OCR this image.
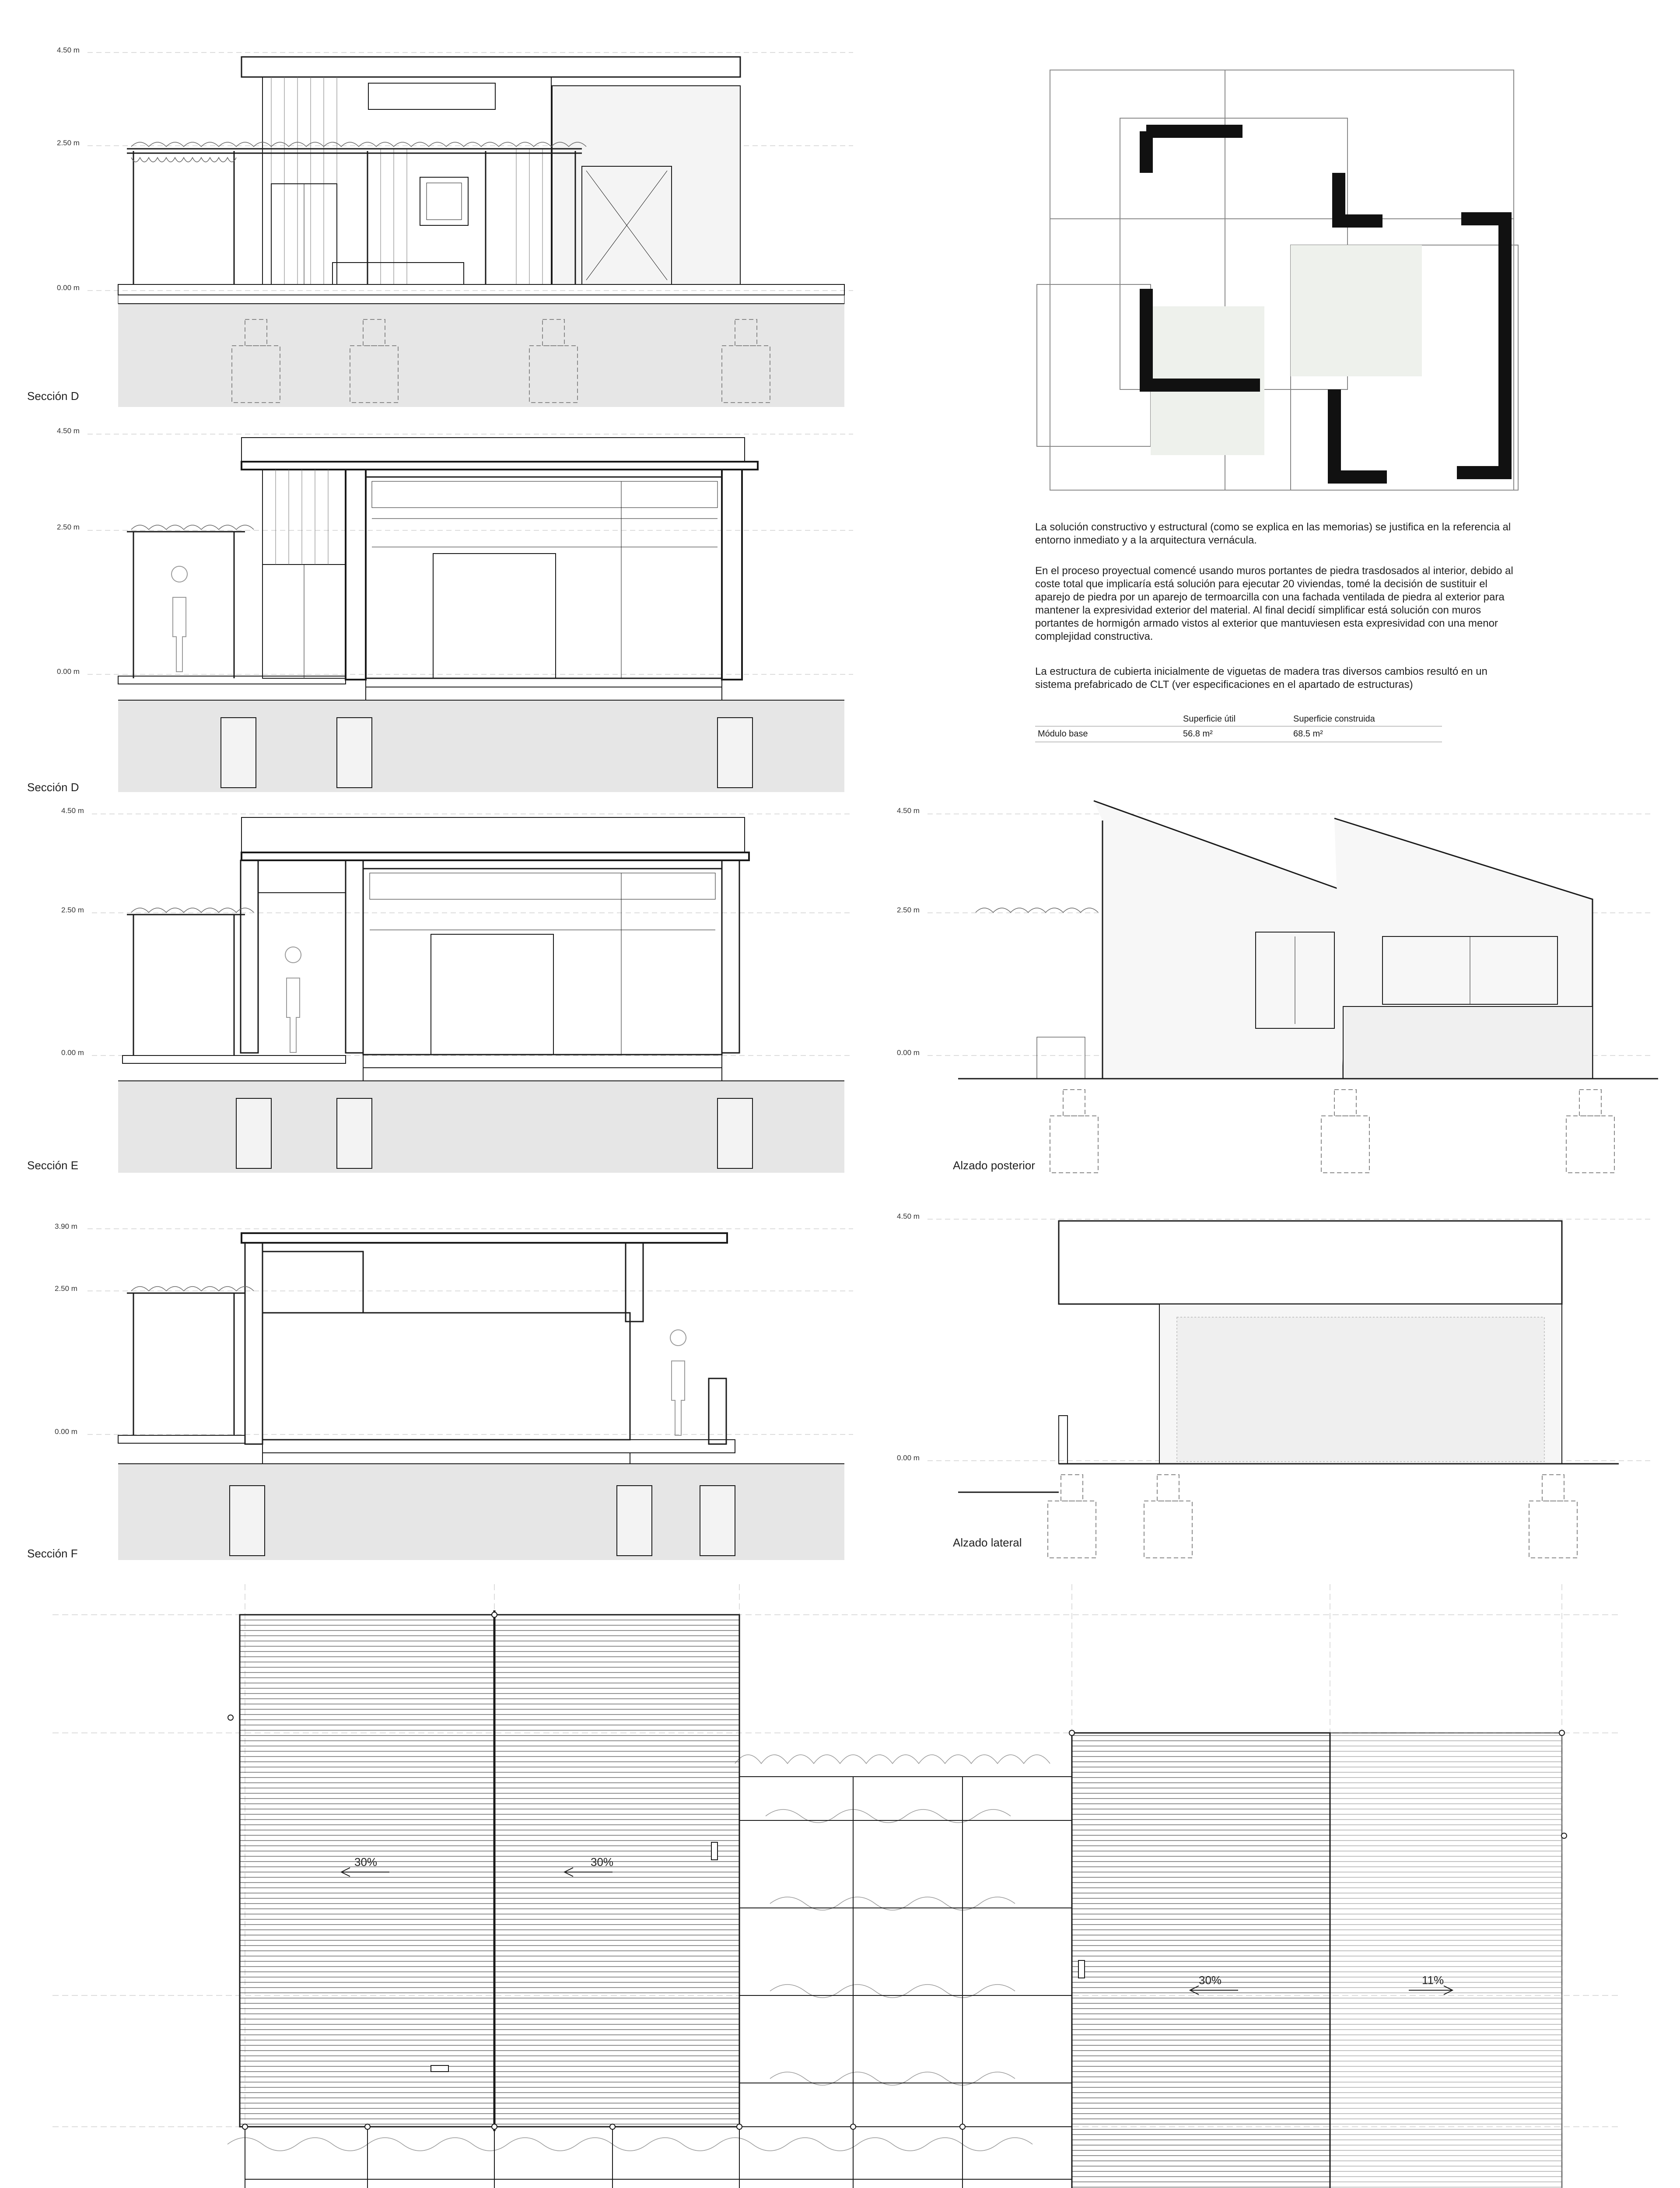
4.50 m
2.50 m
0.00 m
Sección D
4.50 m
2.50 m
0.00 m
Sección D
4.50 m
2.50 m
0.00 m
Sección E
3.90 m
2.50 m
0.00 m
Sección F
La solución constructivo y estructural (como se explica en las memorias) se justifica en la referencia al entorno inmediato y a la arquitectura vernácula.
En el proceso proyectual comencé usando muros portantes de piedra trasdosados al interior, debido al coste total que implicaría está solución para ejecutar 20 viviendas, tomé la decisión de sustituir el aparejo de piedra por un aparejo de termoarcilla con una fachada ventilada de piedra al exterior para mantener la expresividad exterior del material. Al final decidí simplificar está solución con muros portantes de hormigón armado vistos al exterior que mantuviesen esta expresividad con una menor complejidad constructiva.
La estructura de cubierta inicialmente de viguetas de madera tras diversos cambios resultó en un sistema prefabricado de CLT (ver especificaciones en el apartado de estructuras)
	Superficie útil	Superficie construida
Módulo base	56.8 m²	68.5 m²
4.50 m
2.50 m
0.00 m
Alzado posterior
4.50 m
0.00 m
Alzado lateral
30%	30%
30%	11%
